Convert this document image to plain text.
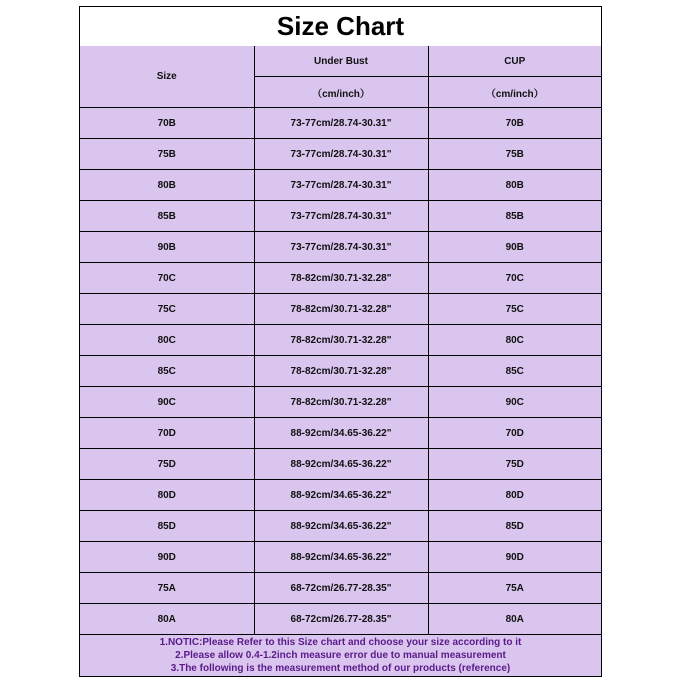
Size Chart
Size	Under Bust	CUP
	（cm/inch）	（cm/inch）
70B	73-77cm/28.74-30.31"	70B
75B	73-77cm/28.74-30.31"	75B
80B	73-77cm/28.74-30.31"	80B
85B	73-77cm/28.74-30.31"	85B
90B	73-77cm/28.74-30.31"	90B
70C	78-82cm/30.71-32.28"	70C
75C	78-82cm/30.71-32.28"	75C
80C	78-82cm/30.71-32.28"	80C
85C	78-82cm/30.71-32.28"	85C
90C	78-82cm/30.71-32.28"	90C
70D	88-92cm/34.65-36.22"	70D
75D	88-92cm/34.65-36.22"	75D
80D	88-92cm/34.65-36.22"	80D
85D	88-92cm/34.65-36.22"	85D
90D	88-92cm/34.65-36.22"	90D
75A	68-72cm/26.77-28.35"	75A
80A	68-72cm/26.77-28.35"	80A
1.NOTIC:Please Refer to this Size chart and choose your size according to it
2.Please allow 0.4-1.2inch measure error due to manual measurement
3.The following is the measurement method of our products (reference)
